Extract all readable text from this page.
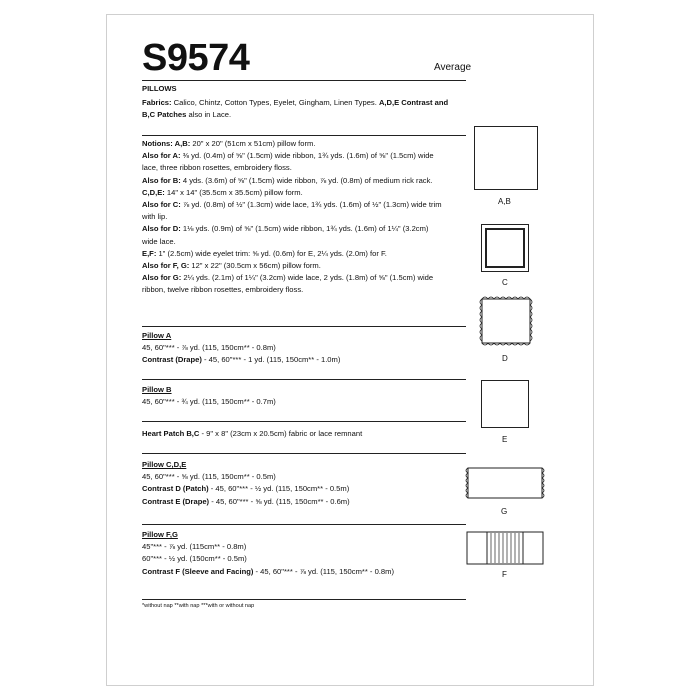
S9574	Average
PILLOWS
Fabrics: Calico, Chintz, Cotton Types, Eyelet, Gingham, Linen Types. A,D,E Contrast and
B,C Patches also in Lace.
Notions: A,B: 20" x 20" (51cm x 51cm) pillow form.
Also for A: ⅜ yd. (0.4m) of ⅝" (1.5cm) wide ribbon, 1¾ yds. (1.6m) of ⅝" (1.5cm) wide
lace, three ribbon rosettes, embroidery floss.
Also for B: 4 yds. (3.6m) of ⅝" (1.5cm) wide ribbon, ⅞ yd. (0.8m) of medium rick rack.
C,D,E: 14" x 14" (35.5cm x 35.5cm) pillow form.
Also for C: ⅞ yd. (0.8m) of ½" (1.3cm) wide lace, 1¾ yds. (1.6m) of ½" (1.3cm) wide trim
with lip.
Also for D: 1⅛ yds. (0.9m) of ⅝" (1.5cm) wide ribbon, 1¾ yds. (1.6m) of 1¼" (3.2cm)
wide lace.
E,F: 1" (2.5cm) wide eyelet trim: ⅝ yd. (0.6m) for E, 2¼ yds. (2.0m) for F.
Also for F, G: 12" x 22" (30.5cm x 56cm) pillow form.
Also for G: 2¼ yds. (2.1m) of 1¼" (3.2cm) wide lace, 2 yds. (1.8m) of ⅝" (1.5cm) wide
ribbon, twelve ribbon rosettes, embroidery floss.
Pillow A
45, 60"*** - ⅞ yd. (115, 150cm** - 0.8m)
Contrast (Drape) - 45, 60"*** - 1 yd. (115, 150cm** - 1.0m)
Pillow B
45, 60"*** - ¾ yd. (115, 150cm** - 0.7m)
Heart Patch B,C - 9" x 8" (23cm x 20.5cm) fabric or lace remnant
Pillow C,D,E
45, 60"*** - ⅝ yd. (115, 150cm** - 0.5m)
Contrast D (Patch) - 45, 60"*** - ½ yd. (115, 150cm** - 0.5m)
Contrast E (Drape) - 45, 60"*** - ⅝ yd. (115, 150cm** - 0.6m)
Pillow F,G
45"*** - ⅞ yd. (115cm** - 0.8m)
60"*** - ½ yd. (150cm** - 0.5m)
Contrast F (Sleeve and Facing) - 45, 60"*** - ⅞ yd. (115, 150cm** - 0.8m)
*without nap **with nap ***with or without nap
A,B
C
D
E
G
F
